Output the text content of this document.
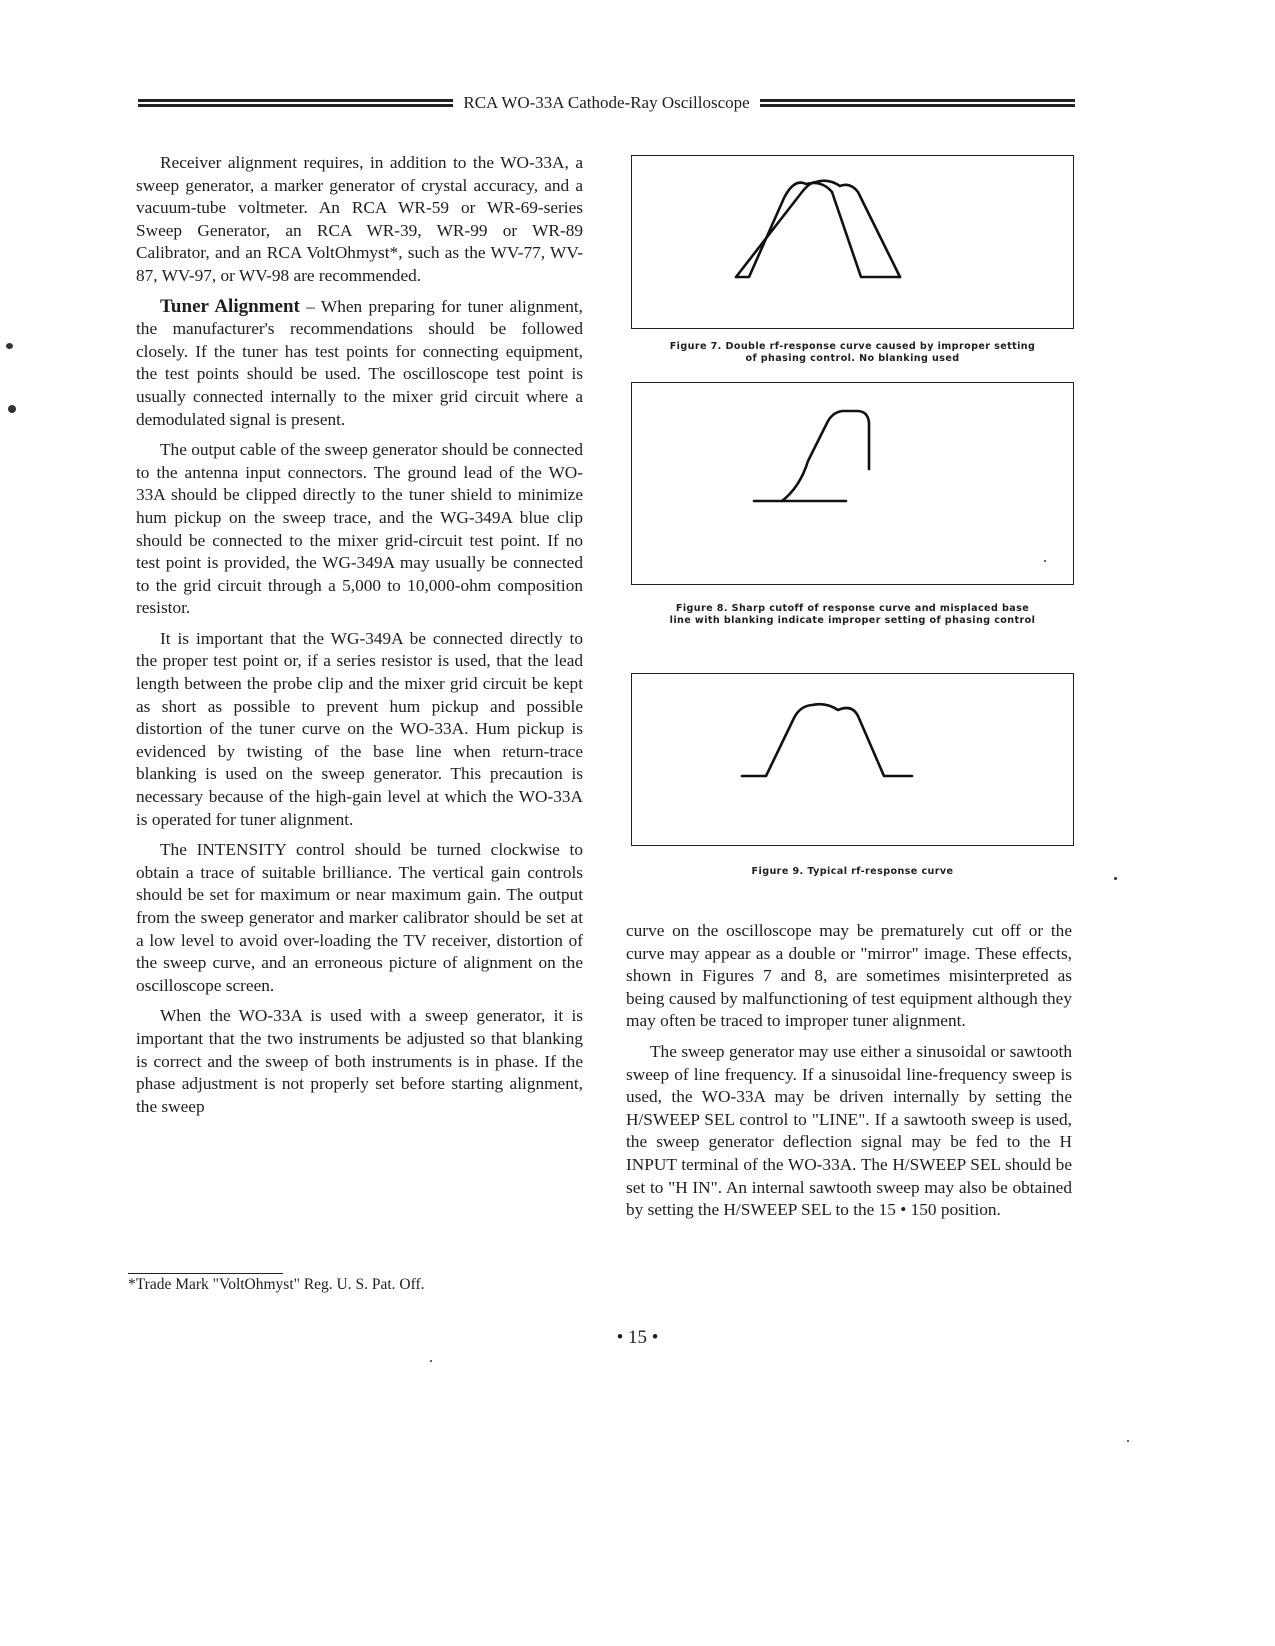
RCA WO-33A Cathode-Ray Oscilloscope

Receiver alignment requires, in addition to the WO-33A, a sweep generator, a marker generator of crystal accuracy, and a vacuum-tube voltmeter. An RCA WR-59 or WR-69-series Sweep Generator, an RCA WR-39, WR-99 or WR-89 Calibrator, and an RCA VoltOhmyst*, such as the WV-77, WV-87, WV-97, or WV-98 are recommended.

Tuner Alignment – When preparing for tuner alignment, the manufacturer's recommendations should be followed closely. If the tuner has test points for connecting equipment, the test points should be used. The oscilloscope test point is usually connected internally to the mixer grid circuit where a demodulated signal is present.

The output cable of the sweep generator should be connected to the antenna input connectors. The ground lead of the WO-33A should be clipped directly to the tuner shield to minimize hum pickup on the sweep trace, and the WG-349A blue clip should be connected to the mixer grid-circuit test point. If no test point is provided, the WG-349A may usually be connected to the grid circuit through a 5,000 to 10,000-ohm composition resistor.

It is important that the WG-349A be connected directly to the proper test point or, if a series resistor is used, that the lead length between the probe clip and the mixer grid circuit be kept as short as possible to prevent hum pickup and possible distortion of the tuner curve on the WO-33A. Hum pickup is evidenced by twisting of the base line when return-trace blanking is used on the sweep generator. This precaution is necessary because of the high-gain level at which the WO-33A is operated for tuner alignment.

The INTENSITY control should be turned clockwise to obtain a trace of suitable brilliance. The vertical gain controls should be set for maximum or near maximum gain. The output from the sweep generator and marker calibrator should be set at a low level to avoid over-loading the TV receiver, distortion of the sweep curve, and an erroneous picture of alignment on the oscilloscope screen.

When the WO-33A is used with a sweep generator, it is important that the two instruments be adjusted so that blanking is correct and the sweep of both instruments is in phase. If the phase adjustment is not properly set before starting alignment, the sweep

*Trade Mark "VoltOhmyst" Reg. U. S. Pat. Off.
Figure 7. Double rf-response curve caused by improper setting
of phasing control. No blanking used
Figure 8. Sharp cutoff of response curve and misplaced base
line with blanking indicate improper setting of phasing control
Figure 9. Typical rf-response curve

curve on the oscilloscope may be prematurely cut off or the curve may appear as a double or "mirror" image. These effects, shown in Figures 7 and 8, are sometimes misinterpreted as being caused by malfunctioning of test equipment although they may often be traced to improper tuner alignment.

The sweep generator may use either a sinusoidal or sawtooth sweep of line frequency. If a sinusoidal line-frequency sweep is used, the WO-33A may be driven internally by setting the H/SWEEP SEL control to "LINE". If a sawtooth sweep is used, the sweep generator deflection signal may be fed to the H INPUT terminal of the WO-33A. The H/SWEEP SEL should be set to "H IN". An internal sawtooth sweep may also be obtained by setting the H/SWEEP SEL to the 15 • 150 position.

• 15 •
